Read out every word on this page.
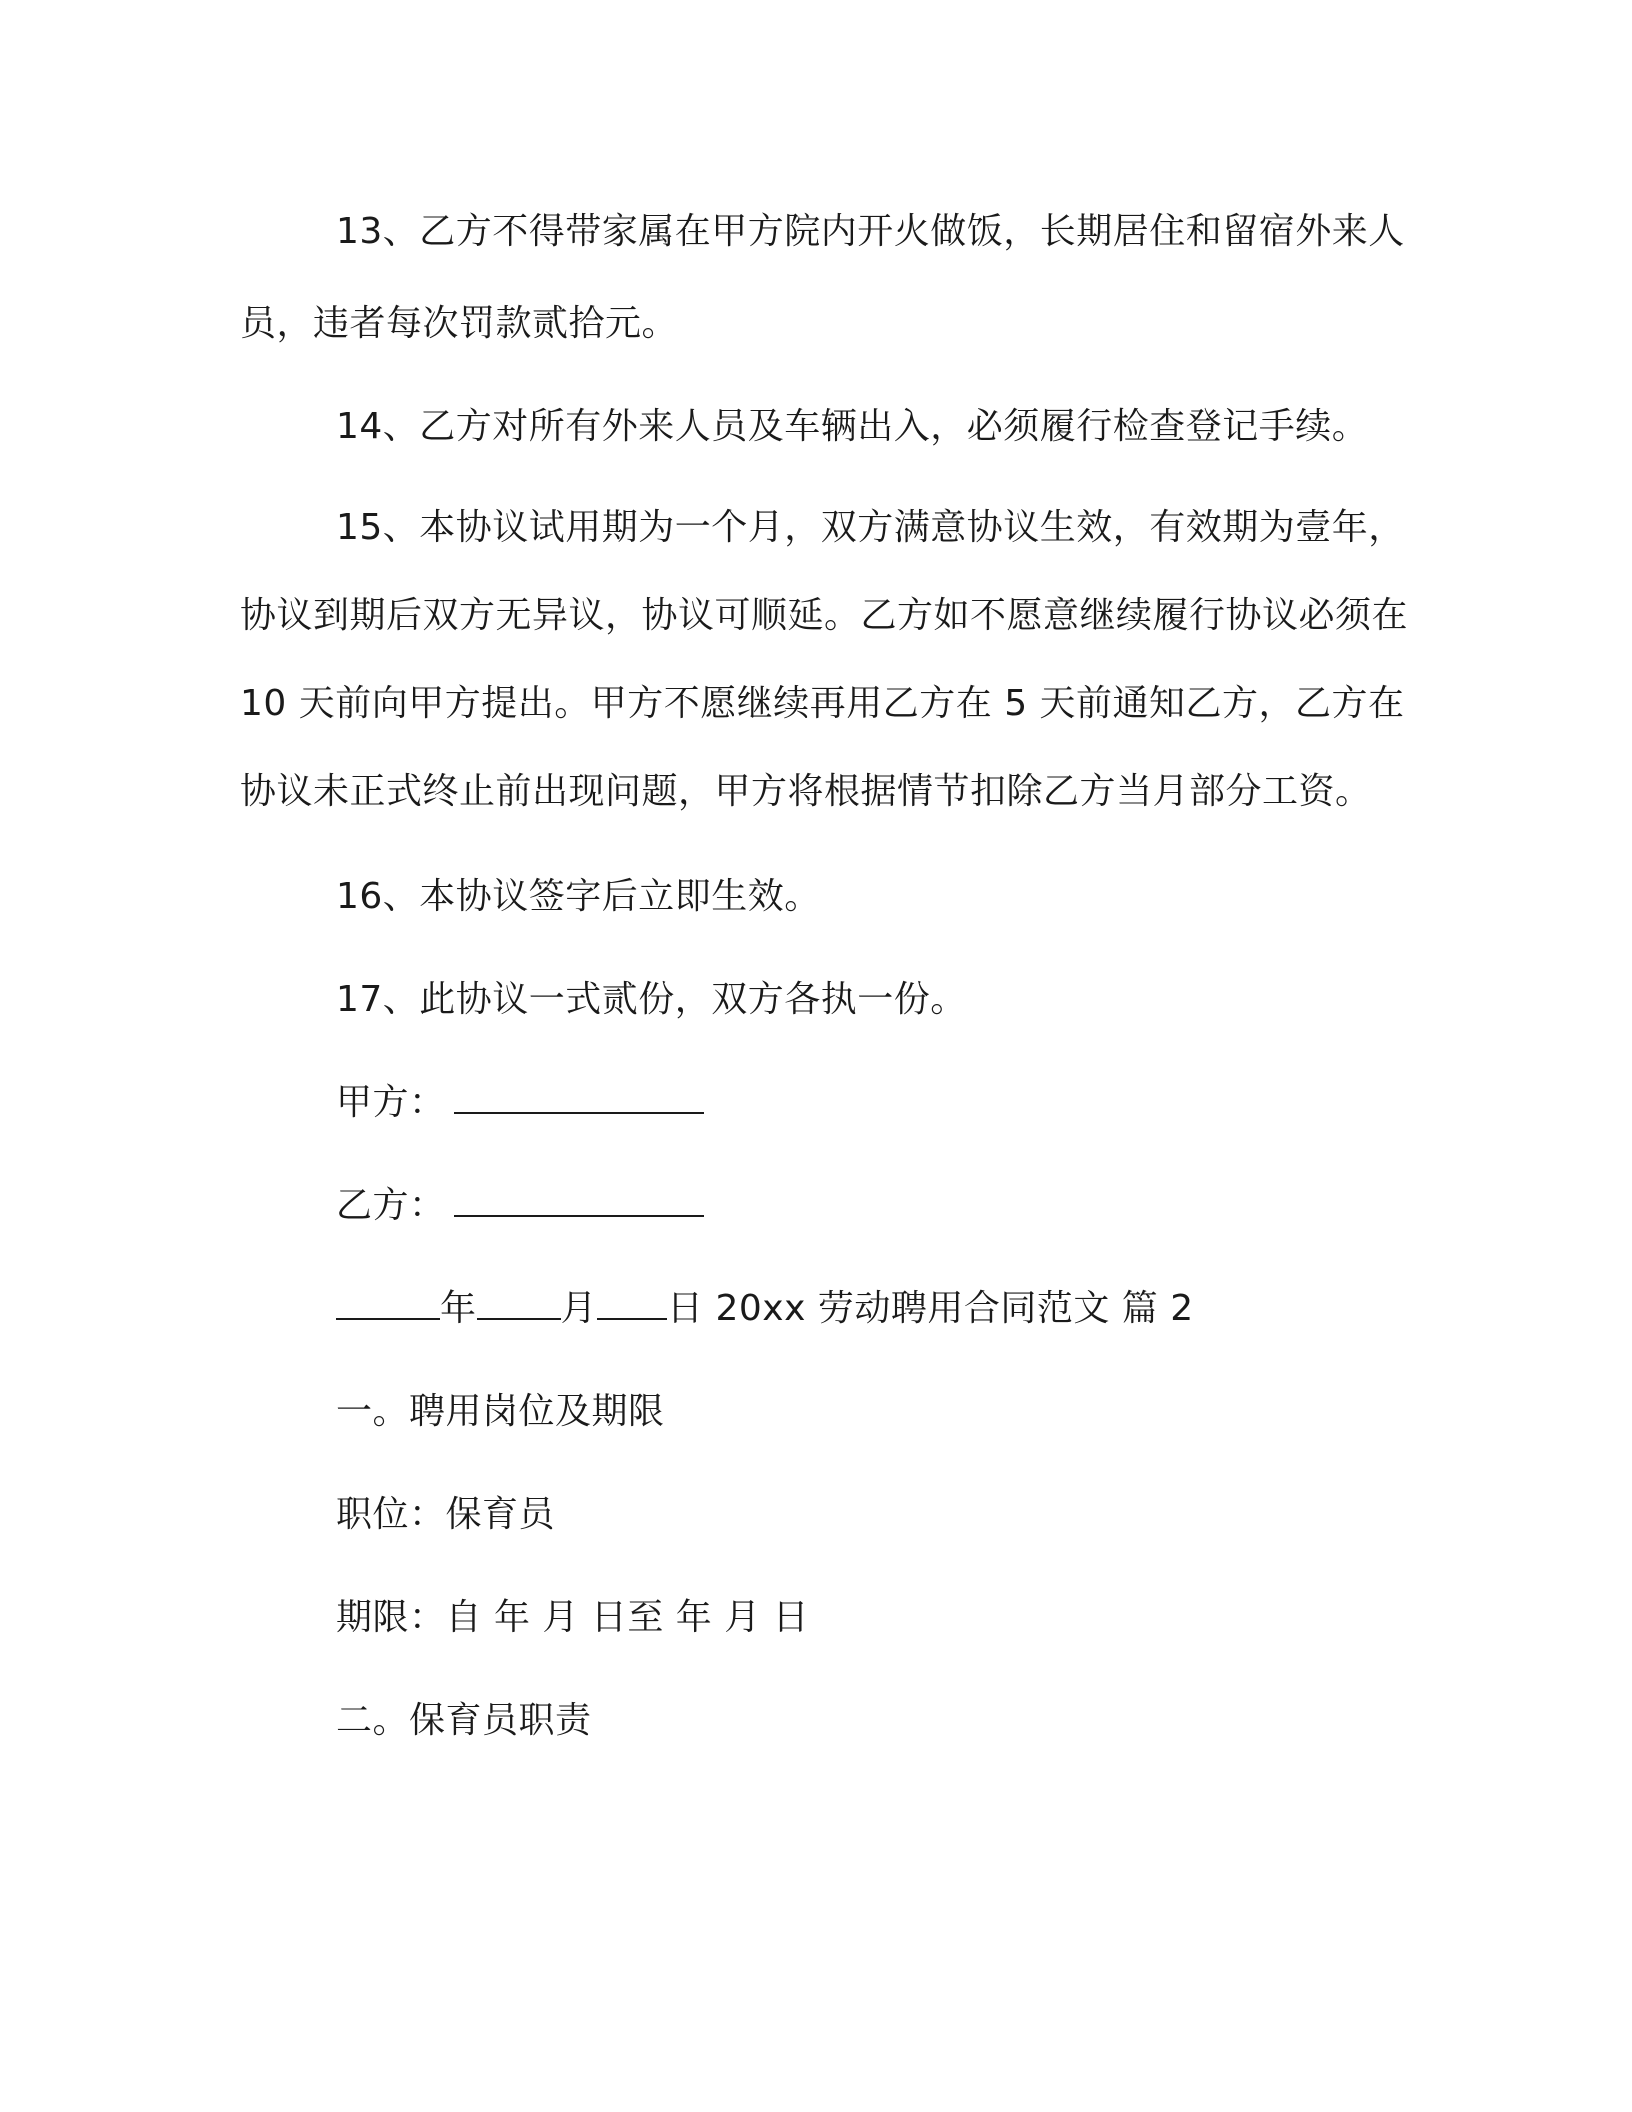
13、乙方不得带家属在甲方院内开火做饭，长期居住和留宿外来人员，违者每次罚款贰拾元。

14、乙方对所有外来人员及车辆出入，必须履行检查登记手续。

15、本协议试用期为一个月，双方满意协议生效，有效期为壹年，协议到期后双方无异议，协议可顺延。乙方如不愿意继续履行协议必须在 10 天前向甲方提出。甲方不愿继续再用乙方在 5 天前通知乙方，乙方在协议未正式终止前出现问题，甲方将根据情节扣除乙方当月部分工资。

16、本协议签字后立即生效。

17、此协议一式贰份，双方各执一份。

甲方：
乙方：
年 月 日 20xx 劳动聘用合同范文 篇 2
一。聘用岗位及期限
职位：保育员
期限：自 年 月 日至 年 月 日
二。保育员职责
